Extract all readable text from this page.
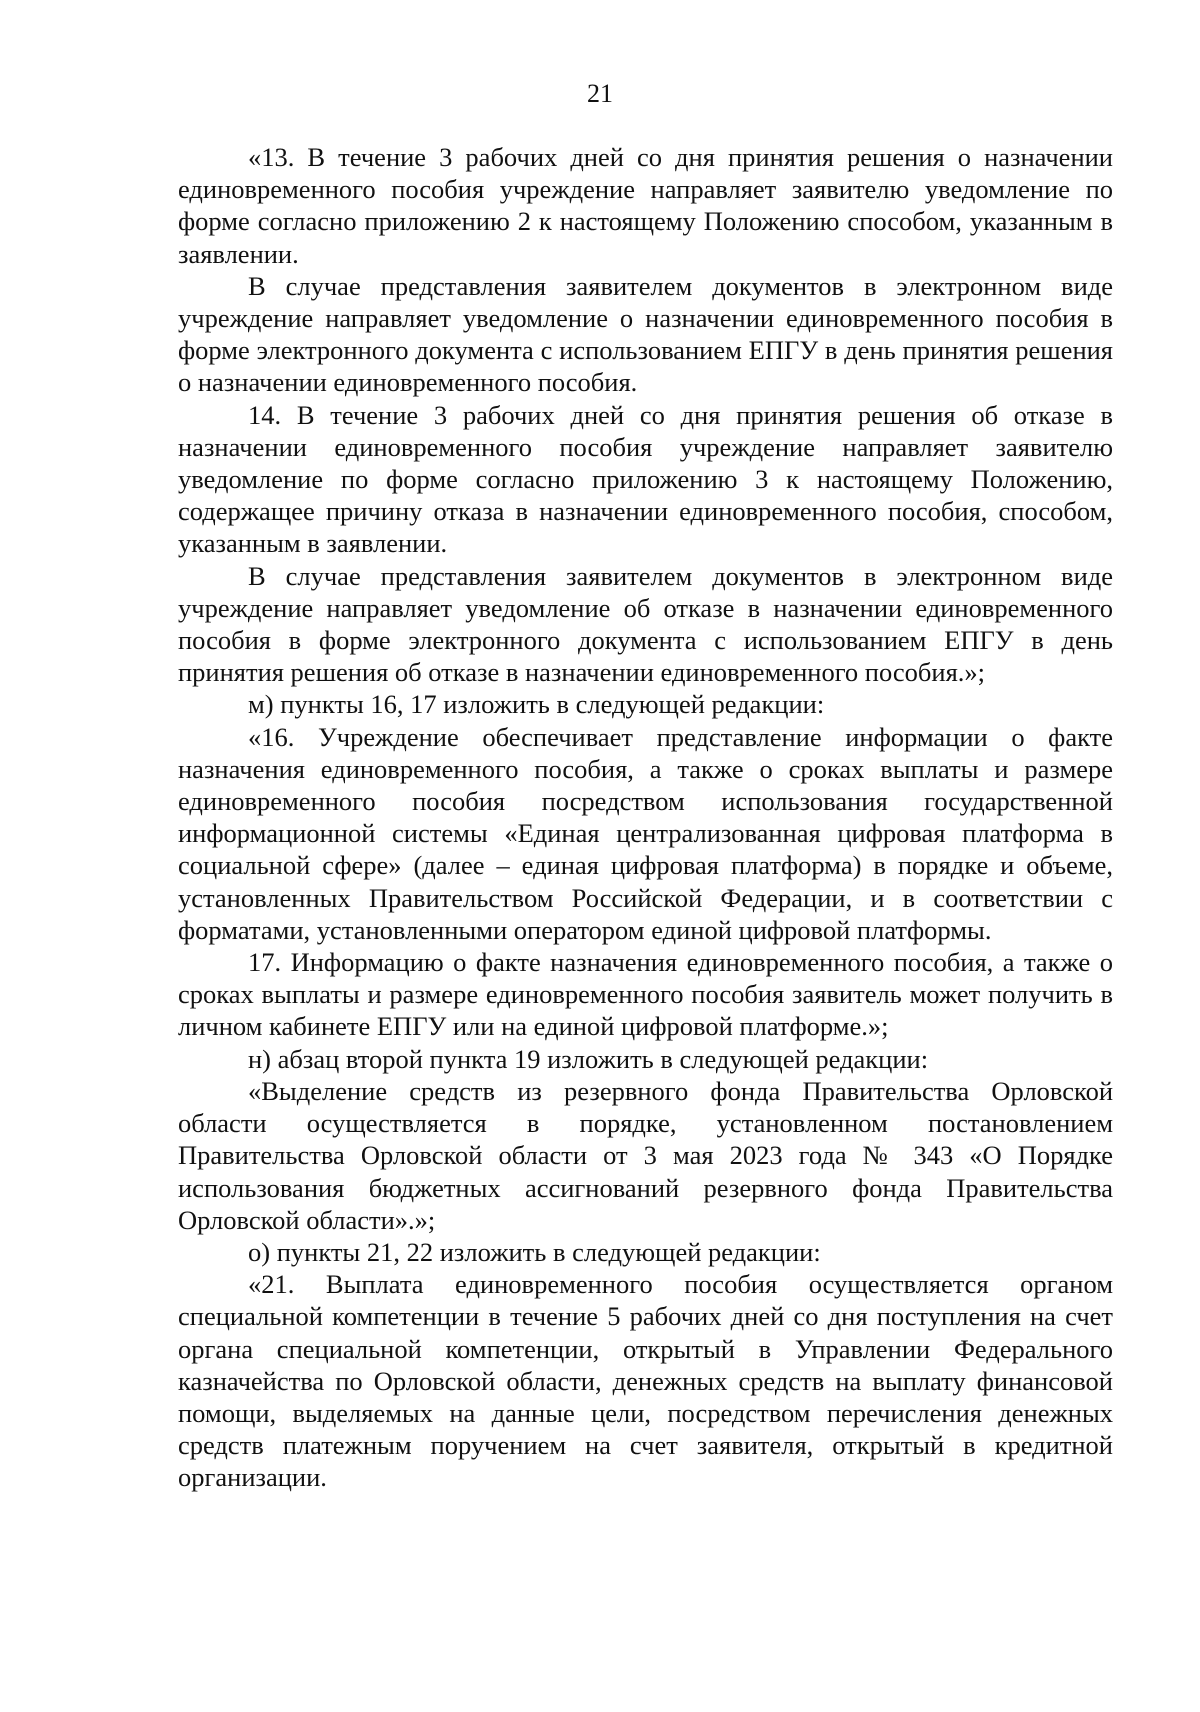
21

«13. В течение 3 рабочих дней со дня принятия решения о назначении единовременного пособия учреждение направляет заявителю уведомление по форме согласно приложению 2 к настоящему Положению способом, указанным в заявлении.

В случае представления заявителем документов в электронном виде учреждение направляет уведомление о назначении единовременного пособия в форме электронного документа с использованием ЕПГУ в день принятия решения о назначении единовременного пособия.

14. В течение 3 рабочих дней со дня принятия решения об отказе в назначении единовременного пособия учреждение направляет заявителю уведомление по форме согласно приложению 3 к настоящему Положению, содержащее причину отказа в назначении единовременного пособия, способом, указанным в заявлении.

В случае представления заявителем документов в электронном виде учреждение направляет уведомление об отказе в назначении единовременного пособия в форме электронного документа с использованием ЕПГУ в день принятия решения об отказе в назначении единовременного пособия.»;

м) пункты 16, 17 изложить в следующей редакции:

«16. Учреждение обеспечивает представление информации о факте назначения единовременного пособия, а также о сроках выплаты и размере единовременного пособия посредством использования государственной информационной системы «Единая централизованная цифровая платформа в социальной сфере» (далее – единая цифровая платформа) в порядке и объеме, установленных Правительством Российской Федерации, и в соответствии с форматами, установленными оператором единой цифровой платформы.

17. Информацию о факте назначения единовременного пособия, а также о сроках выплаты и размере единовременного пособия заявитель может получить в личном кабинете ЕПГУ или на единой цифровой платформе.»;

н) абзац второй пункта 19 изложить в следующей редакции:

«Выделение средств из резервного фонда Правительства Орловской области осуществляется в порядке, установленном постановлением Правительства Орловской области от 3 мая 2023 года № 343 «О Порядке использования бюджетных ассигнований резервного фонда Правительства Орловской области».»;

о) пункты 21, 22 изложить в следующей редакции:

«21. Выплата единовременного пособия осуществляется органом специальной компетенции в течение 5 рабочих дней со дня поступления на счет органа специальной компетенции, открытый в Управлении Федерального казначейства по Орловской области, денежных средств на выплату финансовой помощи, выделяемых на данные цели, посредством перечисления денежных средств платежным поручением на счет заявителя, открытый в кредитной организации.
